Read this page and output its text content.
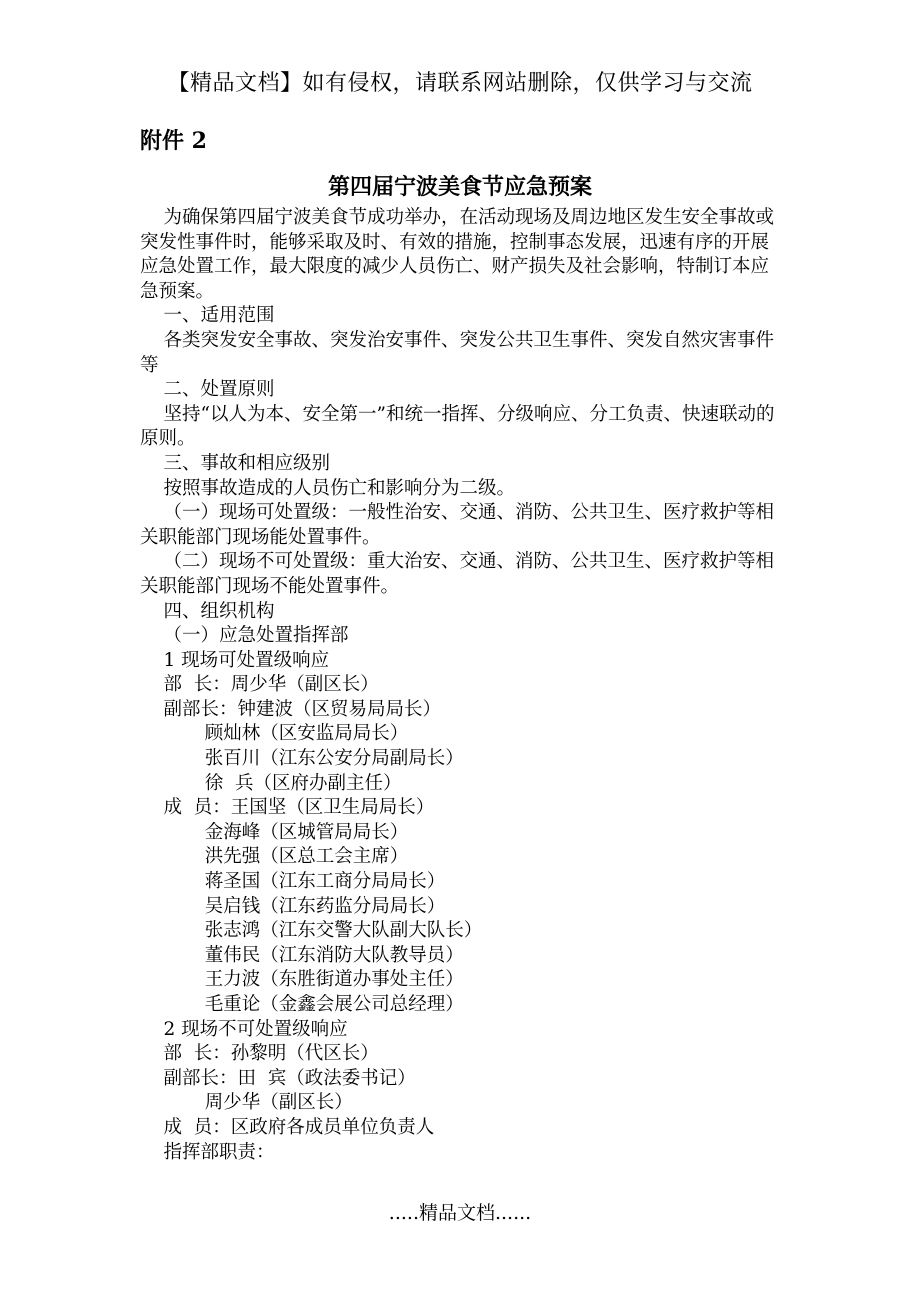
【精品文档】如有侵权，请联系网站删除，仅供学习与交流
附件 2
第四届宁波美食节应急预案

为确保第四届宁波美食节成功举办，在活动现场及周边地区发生安全事故或突发性事件时，能够采取及时、有效的措施，控制事态发展，迅速有序的开展应急处置工作，最大限度的减少人员伤亡、财产损失及社会影响，特制订本应急预案。

一、适用范围

各类突发安全事故、突发治安事件、突发公共卫生事件、突发自然灾害事件等

二、处置原则

坚持“以人为本、安全第一”和统一指挥、分级响应、分工负责、快速联动的原则。

三、事故和相应级别

按照事故造成的人员伤亡和影响分为二级。

（一）现场可处置级：一般性治安、交通、消防、公共卫生、医疗救护等相关职能部门现场能处置事件。

（二）现场不可处置级：重大治安、交通、消防、公共卫生、医疗救护等相关职能部门现场不能处置事件。

四、组织机构

（一）应急处置指挥部

1 现场可处置级响应

部  长：周少华（副区长）

副部长：钟建波（区贸易局局长）

顾灿林（区安监局局长）

张百川（江东公安分局副局长）

徐  兵（区府办副主任）

成  员：王国坚（区卫生局局长）

金海峰（区城管局局长）

洪先强（区总工会主席）

蒋圣国（江东工商分局局长）

吴启钱（江东药监分局局长）

张志鸿（江东交警大队副大队长）

董伟民（江东消防大队教导员）

王力波（东胜街道办事处主任）

毛重论（金鑫会展公司总经理）

2 现场不可处置级响应

部  长：孙黎明（代区长）

副部长：田  宾（政法委书记）

周少华（副区长）

成  员：区政府各成员单位负责人

指挥部职责：

.....精品文档......
